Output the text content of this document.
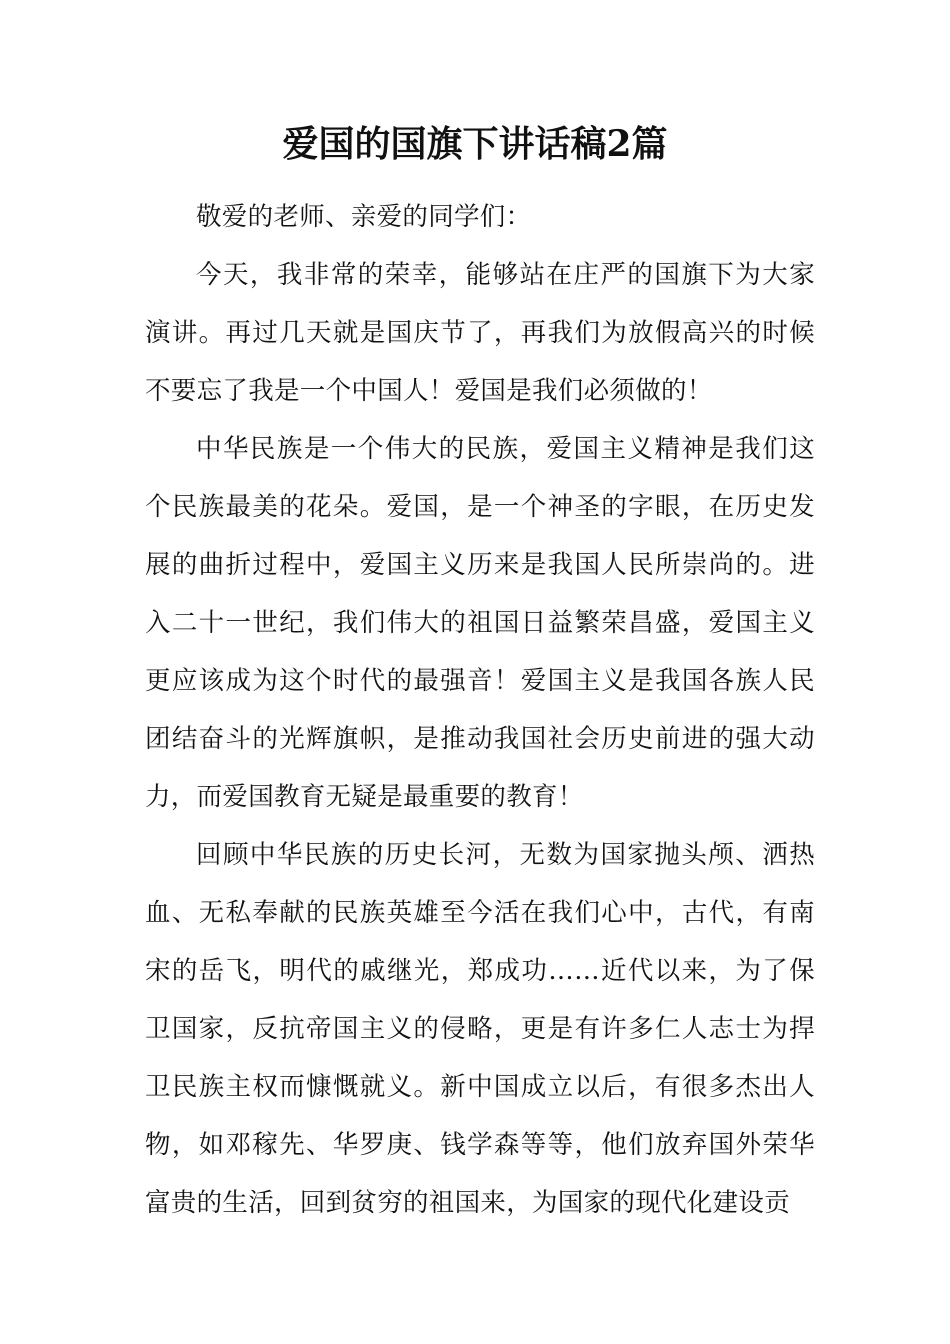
爱国的国旗下讲话稿2篇

敬爱的老师、亲爱的同学们：

今天，我非常的荣幸，能够站在庄严的国旗下为大家演讲。再过几天就是国庆节了，再我们为放假高兴的时候不要忘了我是一个中国人！爱国是我们必须做的！

中华民族是一个伟大的民族，爱国主义精神是我们这个民族最美的花朵。爱国，是一个神圣的字眼，在历史发展的曲折过程中，爱国主义历来是我国人民所崇尚的。进入二十一世纪，我们伟大的祖国日益繁荣昌盛，爱国主义更应该成为这个时代的最强音！爱国主义是我国各族人民团结奋斗的光辉旗帜，是推动我国社会历史前进的强大动力，而爱国教育无疑是最重要的教育！

回顾中华民族的历史长河，无数为国家抛头颅、洒热血、无私奉献的民族英雄至今活在我们心中，古代，有南宋的岳飞，明代的戚继光，郑成功……近代以来，为了保卫国家，反抗帝国主义的侵略，更是有许多仁人志士为捍卫民族主权而慷慨就义。新中国成立以后，有很多杰出人物，如邓稼先、华罗庚、钱学森等等，他们放弃国外荣华富贵的生活，回到贫穷的祖国来，为国家的现代化建设贡
